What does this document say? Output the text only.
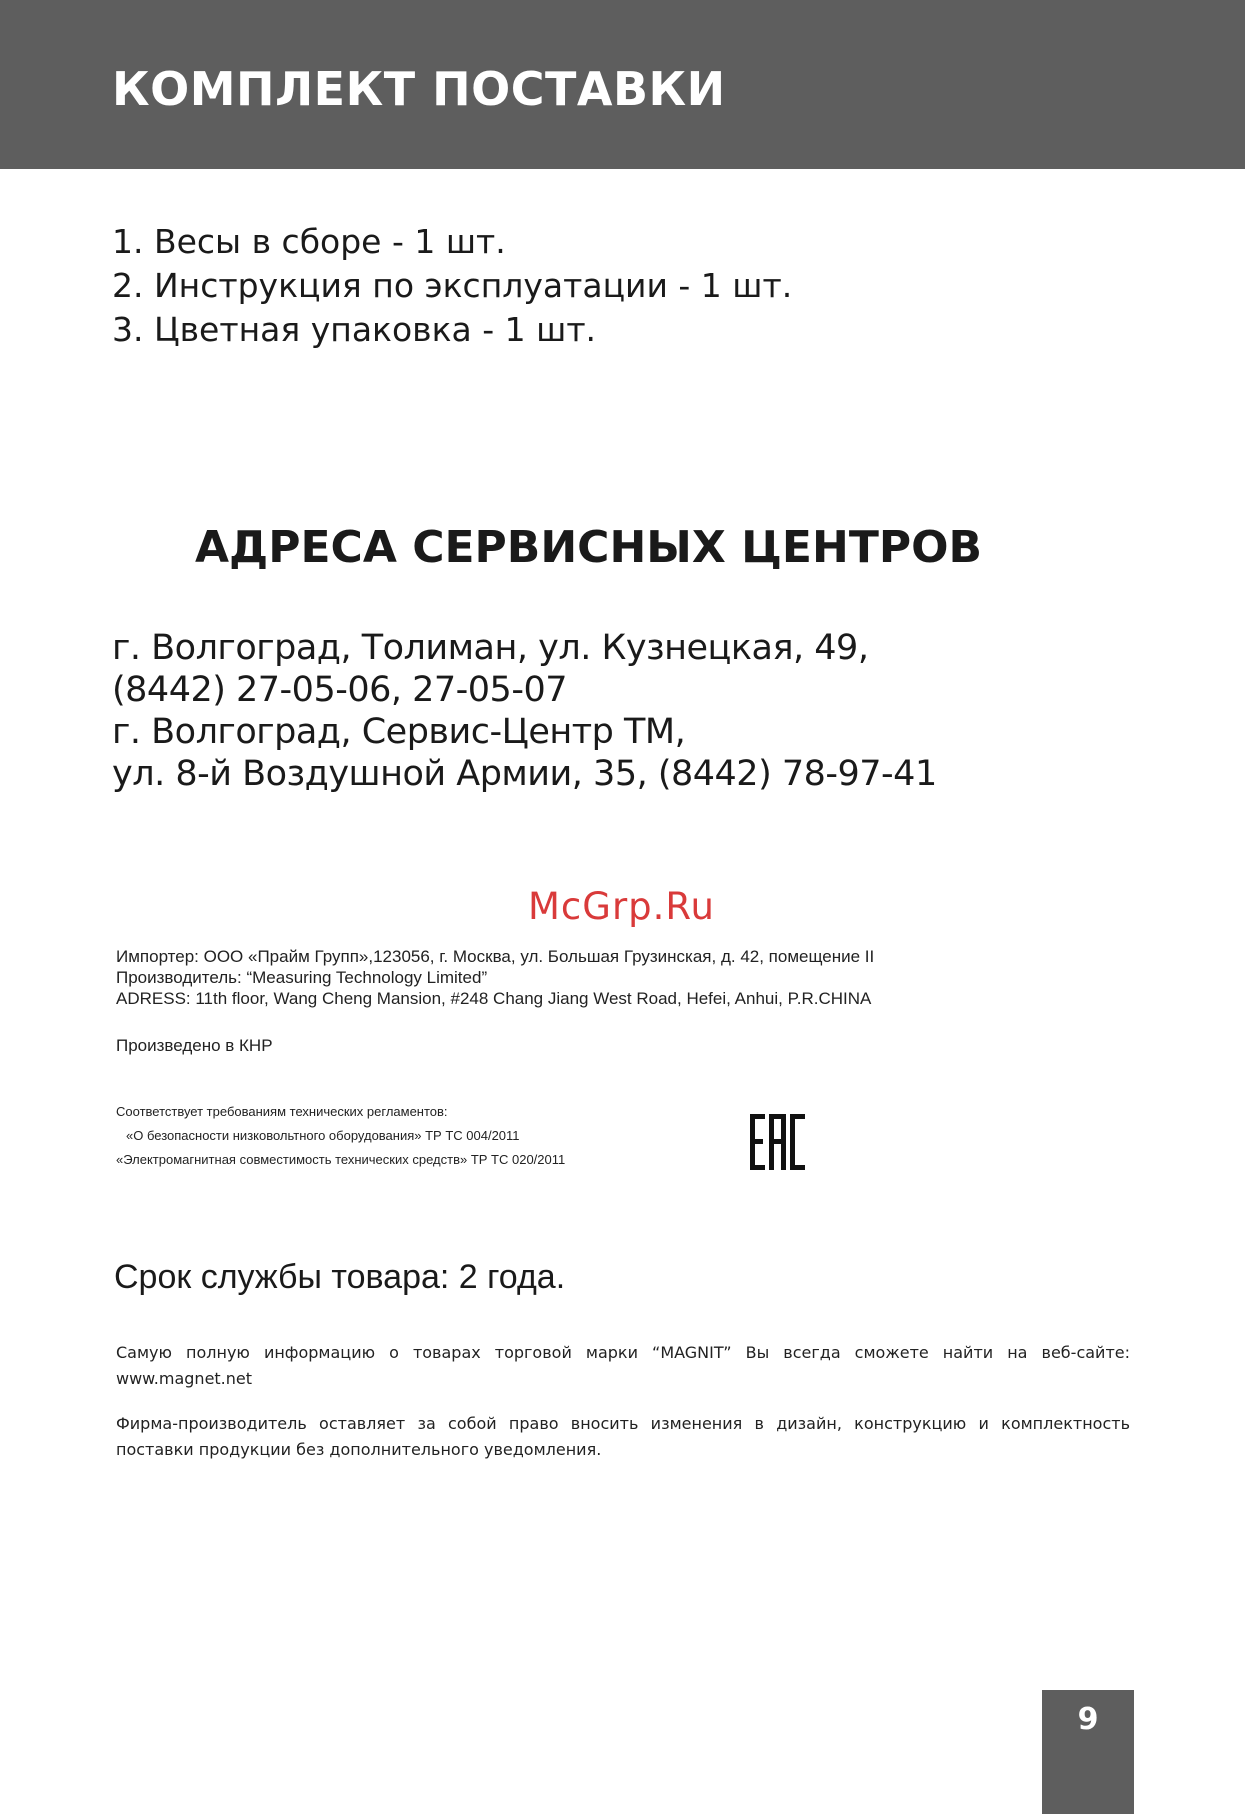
КОМПЛЕКТ ПОСТАВКИ
1. Весы в сборе - 1 шт.
2. Инструкция по эксплуатации - 1 шт.
3. Цветная упаковка - 1 шт.
АДРЕСА СЕРВИСНЫХ ЦЕНТРОВ
г. Волгоград, Толиман, ул. Кузнецкая, 49,
(8442) 27-05-06, 27-05-07
г. Волгоград, Сервис-Центр ТМ,
ул. 8-й Воздушной Армии, 35, (8442) 78-97-41
McGrp.Ru
Импортер: ООО «Прайм Групп»,123056, г. Москва, ул. Большая Грузинская, д. 42, помещение II
Производитель: “Measuring Technology Limited”
ADRESS: 11th floor, Wang Cheng Mansion, #248 Chang Jiang West Road, Hefei, Anhui, P.R.CHINA
Произведено в КНР
Соответствует требованиям технических регламентов:
«О безопасности низковольтного оборудования» ТР ТС 004/2011
«Электромагнитная совместимость технических средств» ТР ТС 020/2011
Срок службы товара: 2 года.
Самую полную информацию о товарах торговой марки “MAGNIT” Вы всегда сможете найти на веб-сайте: www.magnet.net
Фирма-производитель оставляет за собой право вносить изменения в дизайн, конструкцию и комплектность поставки продукции без дополнительного уведомления.
9
